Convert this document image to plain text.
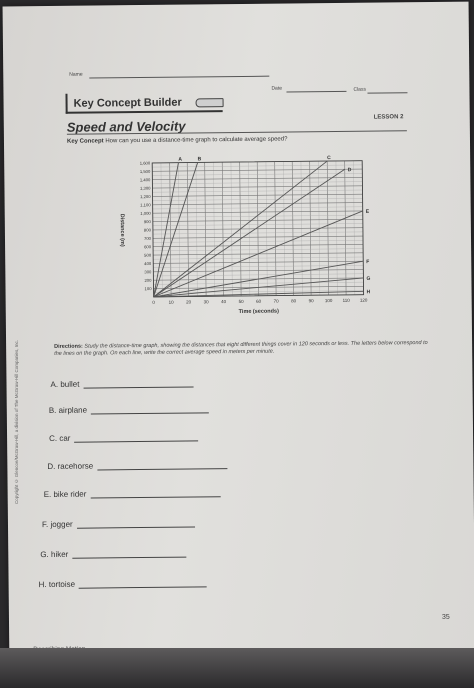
Name
Date	Class
Key Concept Builder
LESSON 2
Speed and Velocity
Key Concept How can you use a distance-time graph to calculate average speed?
A	B	C
D
E
F
G
H
100
200
300
400
500
600
700
800
900
1,000
1,100
1,200
1,300
1,400
1,500
1,600
0	10	20	30	40	50	60	70	80	90 100 110 120
Time (seconds)
Distance (m)
Directions: Study the distance-time graph, showing the distances that eight different things cover in 120 seconds or less. The letters below correspond to the lines on the graph. On each line, write the correct average speed in meters per minute.
A. bullet
B. airplane
C. car
D. racehorse
E. bike rider
F. jogger
G. hiker
H. tortoise
35
Copyright © Glencoe/McGraw-Hill, a division of The McGraw-Hill Companies, Inc.
